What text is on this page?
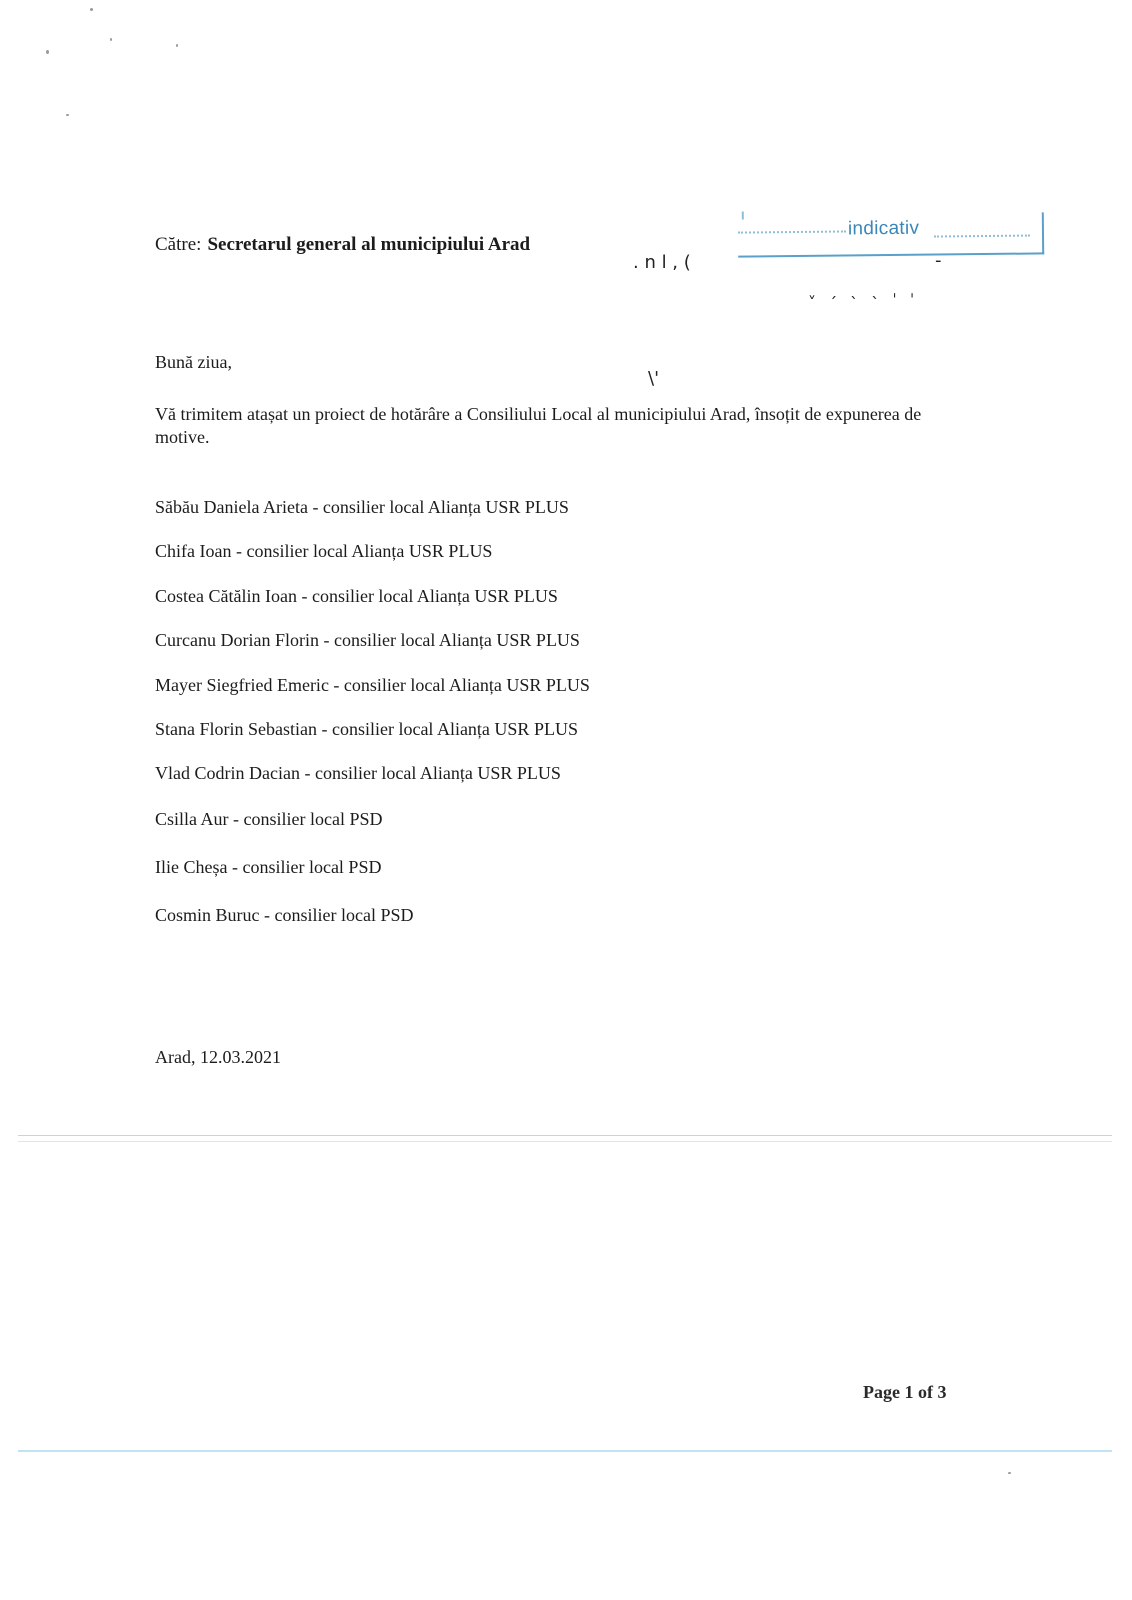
Către: Secretarul general al municipiului Arad
indicativ
. n l , (	-
ˬ ˏ ˎ ˎ ˌ ˌ
\'
Bună ziua,
Vă trimitem atașat un proiect de hotărâre a Consiliului Local al municipiului Arad, însoțit de expunerea de motive.
Săbău Daniela Arieta - consilier local Alianța USR PLUS
Chifa Ioan - consilier local Alianța USR PLUS
Costea Cătălin Ioan - consilier local Alianța USR PLUS
Curcanu Dorian Florin - consilier local Alianța USR PLUS
Mayer Siegfried Emeric - consilier local Alianța USR PLUS
Stana Florin Sebastian - consilier local Alianța USR PLUS
Vlad Codrin Dacian - consilier local Alianța USR PLUS
Csilla Aur - consilier local PSD
Ilie Cheșa - consilier local PSD
Cosmin Buruc - consilier local PSD
Arad, 12.03.2021
Page 1 of 3
